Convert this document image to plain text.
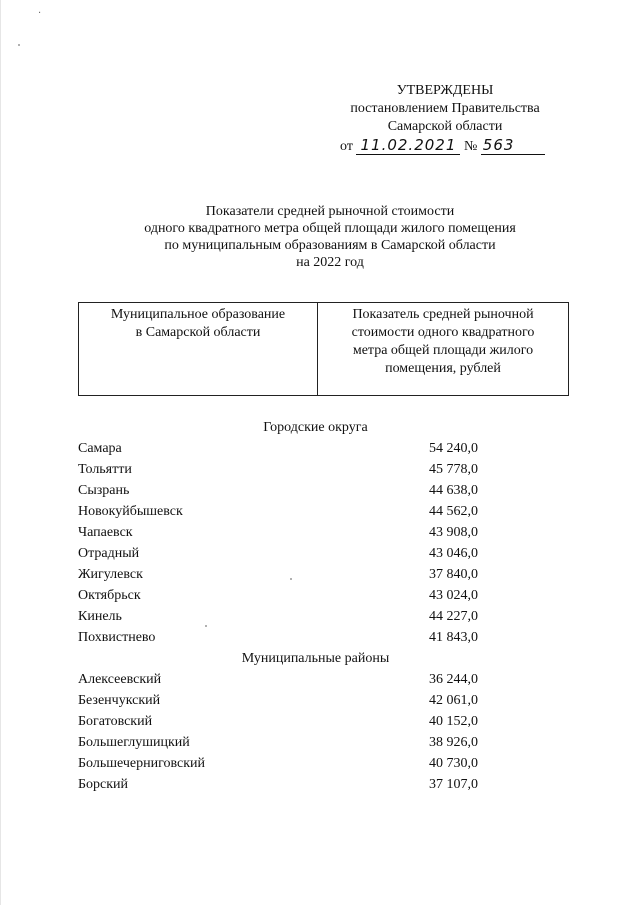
·
УТВЕРЖДЕНЫ
постановлением Правительства
Самарской области
от 11.02.2021 № 563
Показатели средней рыночной стоимости
одного квадратного метра общей площади жилого помещения
по муниципальным образованиям в Самарской области
на 2022 год
Муниципальное образование
в Самарской области
Показатель средней рыночной
стоимости одного квадратного
метра общей площади жилого
помещения, рублей
Городские округа
Самара	54 240,0
Тольятти	45 778,0
Сызрань	44 638,0
Новокуйбышевск	44 562,0
Чапаевск	43 908,0
Отрадный	43 046,0
Жигулевск	37 840,0
Октябрьск	43 024,0
Кинель	44 227,0
Похвистнево	41 843,0
Муниципальные районы
Алексеевский	36 244,0
Безенчукский	42 061,0
Богатовский	40 152,0
Большеглушицкий	38 926,0
Большечерниговский	40 730,0
Борский	37 107,0
